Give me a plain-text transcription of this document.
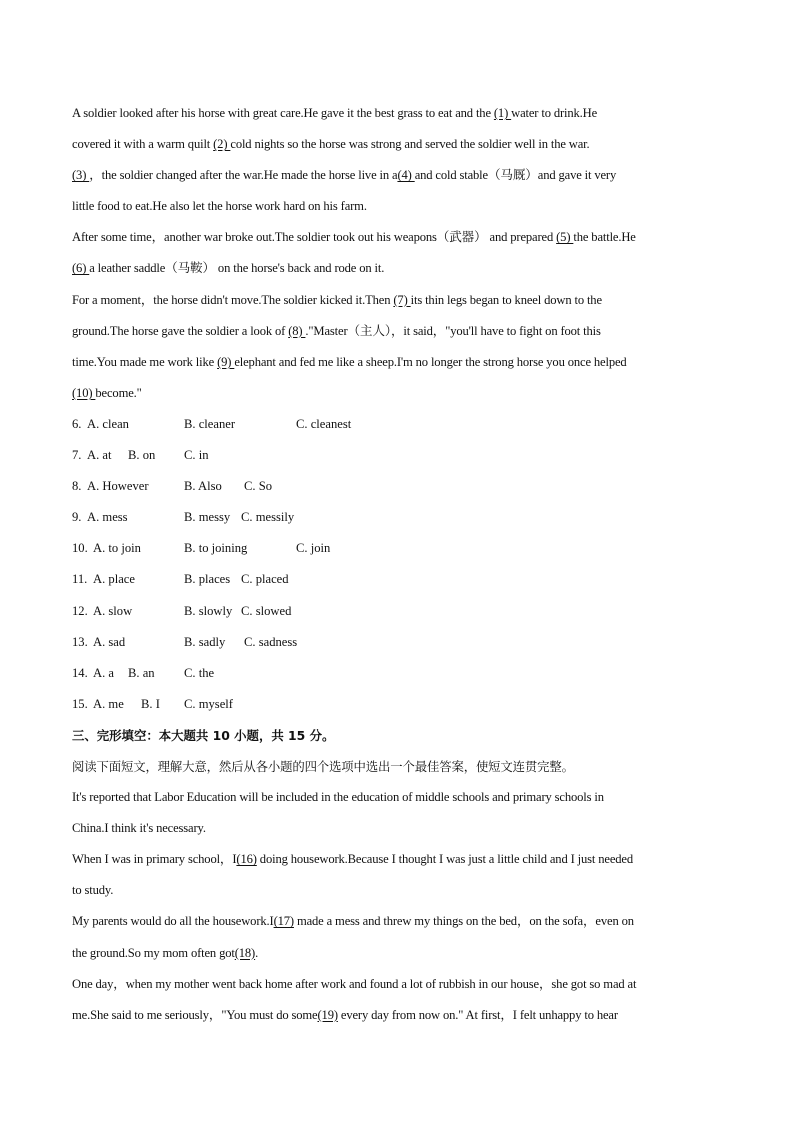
A soldier looked after his horse with great care.He gave it the best grass to eat and the (1) water to drink.He
covered it with a warm quilt (2) cold nights so the horse was strong and served the soldier well in the war.
(3) ，the soldier changed after the war.He made the horse live in a(4) and cold stable（马厩）and gave it very
little food to eat.He also let the horse work hard on his farm.
After some time，another war broke out.The soldier took out his weapons（武器） and prepared (5) the battle.He
(6) a leather saddle（马鞍） on the horse's back and rode on it.
For a moment，the horse didn't move.The soldier kicked it.Then (7) its thin legs began to kneel down to the
ground.The horse gave the soldier a look of (8) ."Master（主人），it said，"you'll have to fight on foot this
time.You made me work like (9) elephant and fed me like a sheep.I'm no longer the strong horse you once helped
(10) become."
6. A. clean	B. cleaner	C. cleanest
7. A. at B. on C. in
8. A. However	B. Also C. So
9. A. mess	B. messy C. messily
10. A. to join	B. to joining	C. join
11. A. place	B. places C. placed
12. A. slow	B. slowly C. slowed
13. A. sad	B. sadly C. sadness
14. A. a B. an C. the
15. A. me B. I C. myself
三、完形填空：本大题共 10 小题，共 15 分。
阅读下面短文，理解大意，然后从各小题的四个选项中选出一个最佳答案，使短文连贯完整。
It's reported that Labor Education will be included in the education of middle schools and primary schools in
China.I think it's necessary.
When I was in primary school，I(16) doing housework.Because I thought I was just a little child and I just needed
to study.
My parents would do all the housework.I(17) made a mess and threw my things on the bed，on the sofa，even on
the ground.So my mom often got(18).
One day，when my mother went back home after work and found a lot of rubbish in our house，she got so mad at
me.She said to me seriously，"You must do some(19) every day from now on." At first，I felt unhappy to hear
